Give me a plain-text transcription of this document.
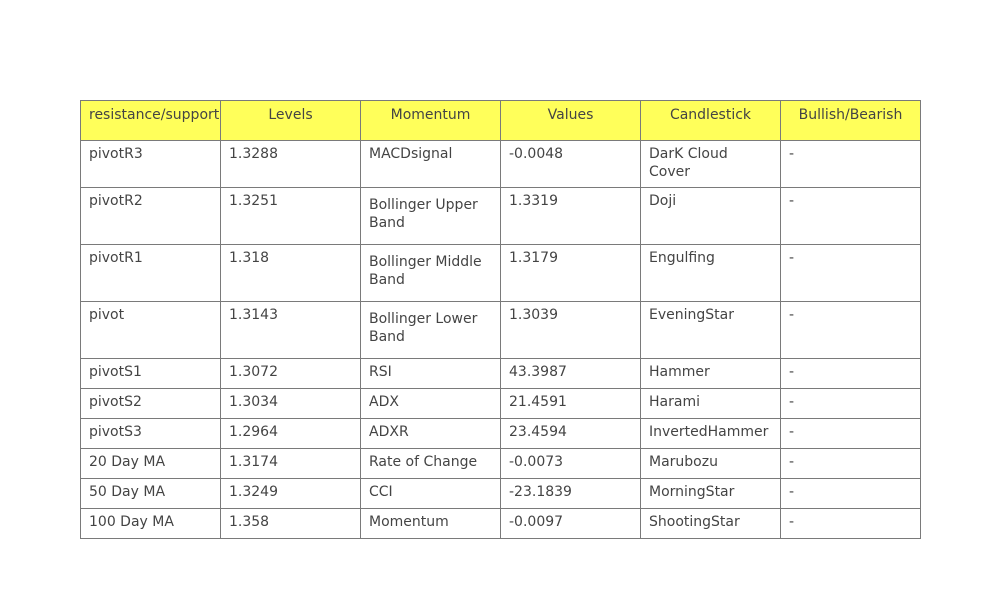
resistance/support	Levels	Momentum	Values	Candlestick	Bullish/Bearish
pivotR3	1.3288	MACDsignal	-0.0048	DarK Cloud Cover	-
pivotR2	1.3251	Bollinger Upper Band	1.3319	Doji	-
pivotR1	1.318	Bollinger Middle Band	1.3179	Engulfing	-
pivot	1.3143	Bollinger Lower Band	1.3039	EveningStar	-
pivotS1	1.3072	RSI	43.3987	Hammer	-
pivotS2	1.3034	ADX	21.4591	Harami	-
pivotS3	1.2964	ADXR	23.4594	InvertedHammer	-
20 Day MA	1.3174	Rate of Change	-0.0073	Marubozu	-
50 Day MA	1.3249	CCI	-23.1839	MorningStar	-
100 Day MA	1.358	Momentum	-0.0097	ShootingStar	-
